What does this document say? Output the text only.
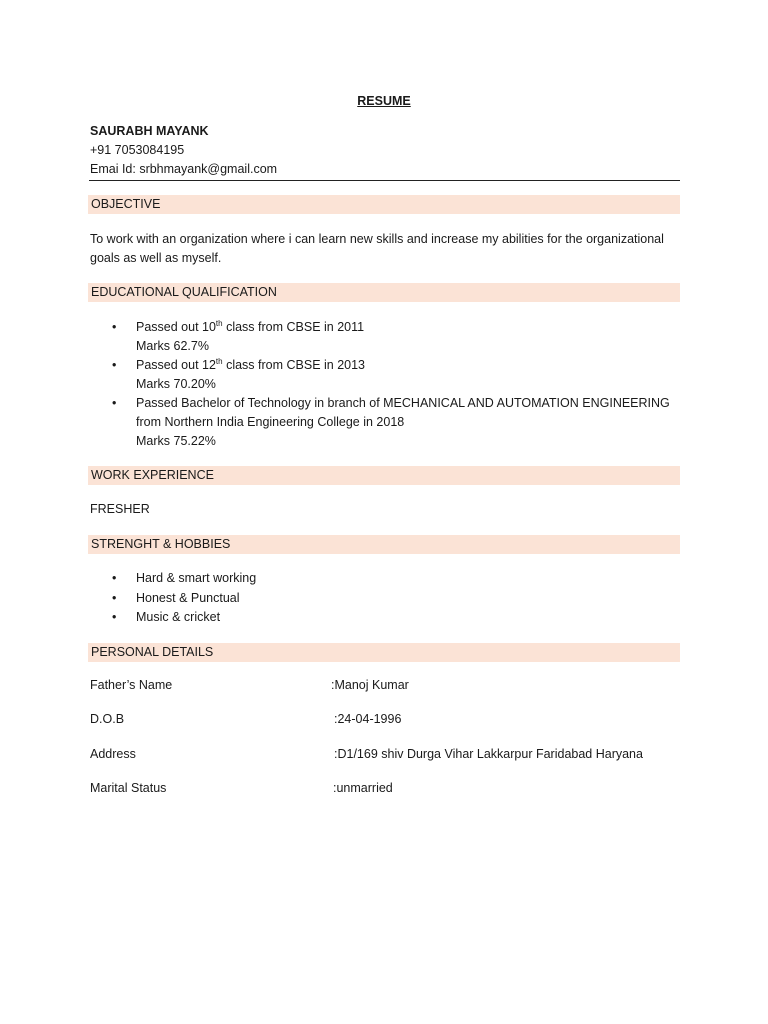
RESUME
SAURABH MAYANK
+91 7053084195
Emai Id: srbhmayank@gmail.com
OBJECTIVE
To work with an organization where i can learn new skills and increase my abilities for the organizational
goals as well as myself.
EDUCATIONAL QUALIFICATION
• Passed out 10th class from CBSE in 2011
Marks 62.7%
• Passed out 12th class from CBSE in 2013
Marks 70.20%
• Passed Bachelor of Technology in branch of MECHANICAL AND AUTOMATION ENGINEERING
from Northern India Engineering College in 2018
Marks 75.22%
WORK EXPERIENCE
FRESHER
STRENGHT & HOBBIES
• Hard & smart working
• Honest & Punctual
• Music & cricket
PERSONAL DETAILS
Father’s Name	:Manoj Kumar
D.O.B	:24-04-1996
Address	:D1/169 shiv Durga Vihar Lakkarpur Faridabad Haryana
Marital Status	:unmarried
